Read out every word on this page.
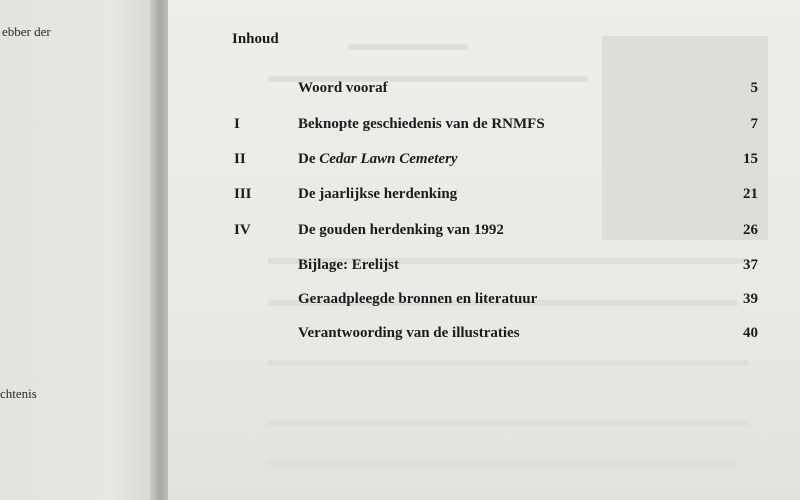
ebber der
chtenis
Inhoud
Woord vooraf	5
I	Beknopte geschiedenis van de RNMFS	7
II	De Cedar Lawn Cemetery	15
III	De jaarlijkse herdenking	21
IV	De gouden herdenking van 1992	26
Bijlage: Erelijst	37
Geraadpleegde bronnen en literatuur	39
Verantwoording van de illustraties	40
